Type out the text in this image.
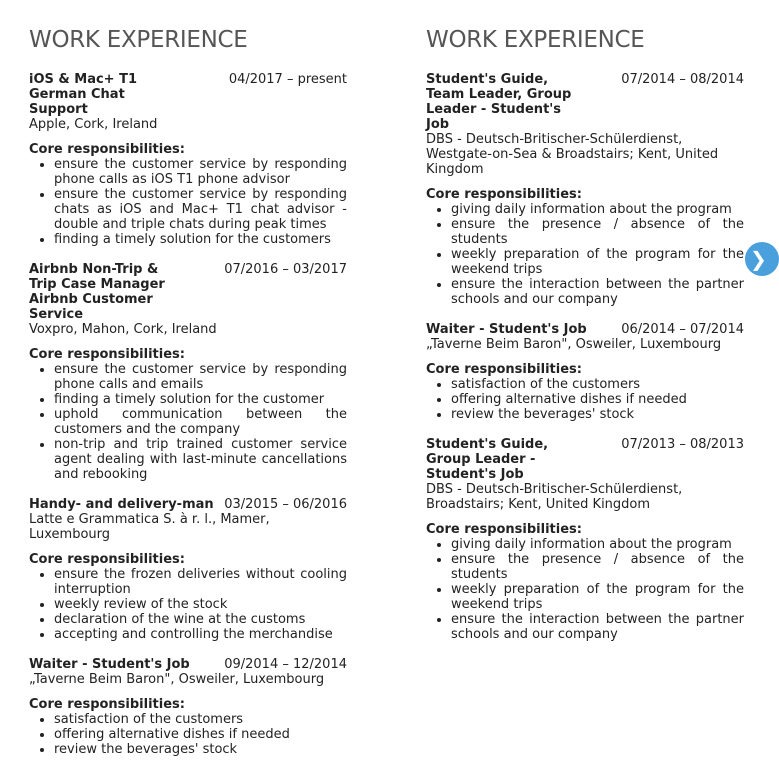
WORK EXPERIENCE
iOS & Mac+ T1 German Chat Support
04/2017 – present
Apple, Cork, Ireland
Core responsibilities:
• ensure the customer service by responding phone calls as iOS T1 phone advisor
• ensure the customer service by responding chats as iOS and Mac+ T1 chat advisor - double and triple chats during peak times
• finding a timely solution for the customers
Airbnb Non-Trip & Trip Case Manager Airbnb Customer Service
07/2016 – 03/2017
Voxpro, Mahon, Cork, Ireland
Core responsibilities:
• ensure the customer service by responding phone calls and emails
• finding a timely solution for the customer
• uphold communication between the customers and the company
• non-trip and trip trained customer service agent dealing with last-minute cancellations and rebooking
Handy- and delivery-man 03/2015 – 06/2016
Latte e Grammatica S. à r. l., Mamer, Luxembourg
Core responsibilities:
• ensure the frozen deliveries without cooling interruption
• weekly review of the stock
• declaration of the wine at the customs
• accepting and controlling the merchandise
Waiter - Student's Job	09/2014 – 12/2014
„Taverne Beim Baron", Osweiler, Luxembourg
Core responsibilities:
• satisfaction of the customers
• offering alternative dishes if needed
• review the beverages' stock
WORK EXPERIENCE
Student's Guide, Team Leader, Group Leader - Student's Job
07/2014 – 08/2014
DBS - Deutsch-Britischer-Schülerdienst, Westgate-on-Sea & Broadstairs; Kent, United Kingdom
Core responsibilities:
• giving daily information about the program
• ensure the presence / absence of the students
• weekly preparation of the program for the weekend trips
• ensure the interaction between the partner schools and our company
Waiter - Student's Job	06/2014 – 07/2014
„Taverne Beim Baron", Osweiler, Luxembourg
Core responsibilities:
• satisfaction of the customers
• offering alternative dishes if needed
• review the beverages' stock
Student's Guide, Group Leader - Student's Job
07/2013 – 08/2013
DBS - Deutsch-Britischer-Schülerdienst, Broadstairs; Kent, United Kingdom
Core responsibilities:
• giving daily information about the program
• ensure the presence / absence of the students
• weekly preparation of the program for the weekend trips
• ensure the interaction between the partner schools and our company
❯
